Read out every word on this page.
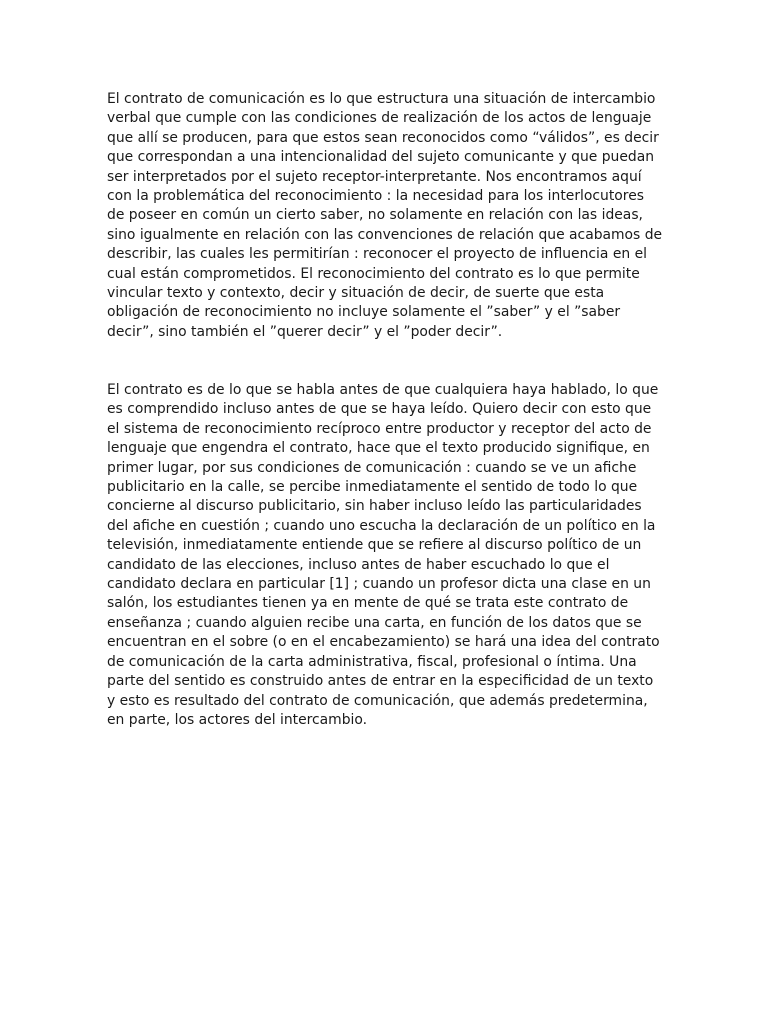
El contrato de comunicación es lo que estructura una situación de intercambio
verbal que cumple con las condiciones de realización de los actos de lenguaje
que allí se producen, para que estos sean reconocidos como “válidos”, es decir
que correspondan a una intencionalidad del sujeto comunicante y que puedan
ser interpretados por el sujeto receptor-interpretante. Nos encontramos aquí
con la problemática del reconocimiento : la necesidad para los interlocutores
de poseer en común un cierto saber, no solamente en relación con las ideas,
sino igualmente en relación con las convenciones de relación que acabamos de
describir, las cuales les permitirían : reconocer el proyecto de influencia en el
cual están comprometidos. El reconocimiento del contrato es lo que permite
vincular texto y contexto, decir y situación de decir, de suerte que esta
obligación de reconocimiento no incluye solamente el ”saber” y el ”saber
decir”, sino también el ”querer decir” y el ”poder decir”.

El contrato es de lo que se habla antes de que cualquiera haya hablado, lo que
es comprendido incluso antes de que se haya leído. Quiero decir con esto que
el sistema de reconocimiento recíproco entre productor y receptor del acto de
lenguaje que engendra el contrato, hace que el texto producido signifique, en
primer lugar, por sus condiciones de comunicación : cuando se ve un afiche
publicitario en la calle, se percibe inmediatamente el sentido de todo lo que
concierne al discurso publicitario, sin haber incluso leído las particularidades
del afiche en cuestión ; cuando uno escucha la declaración de un político en la
televisión, inmediatamente entiende que se refiere al discurso político de un
candidato de las elecciones, incluso antes de haber escuchado lo que el
candidato declara en particular [1] ; cuando un profesor dicta una clase en un
salón, los estudiantes tienen ya en mente de qué se trata este contrato de
enseñanza ; cuando alguien recibe una carta, en función de los datos que se
encuentran en el sobre (o en el encabezamiento) se hará una idea del contrato
de comunicación de la carta administrativa, fiscal, profesional o íntima. Una
parte del sentido es construido antes de entrar en la especificidad de un texto
y esto es resultado del contrato de comunicación, que además predetermina,
en parte, los actores del intercambio.
